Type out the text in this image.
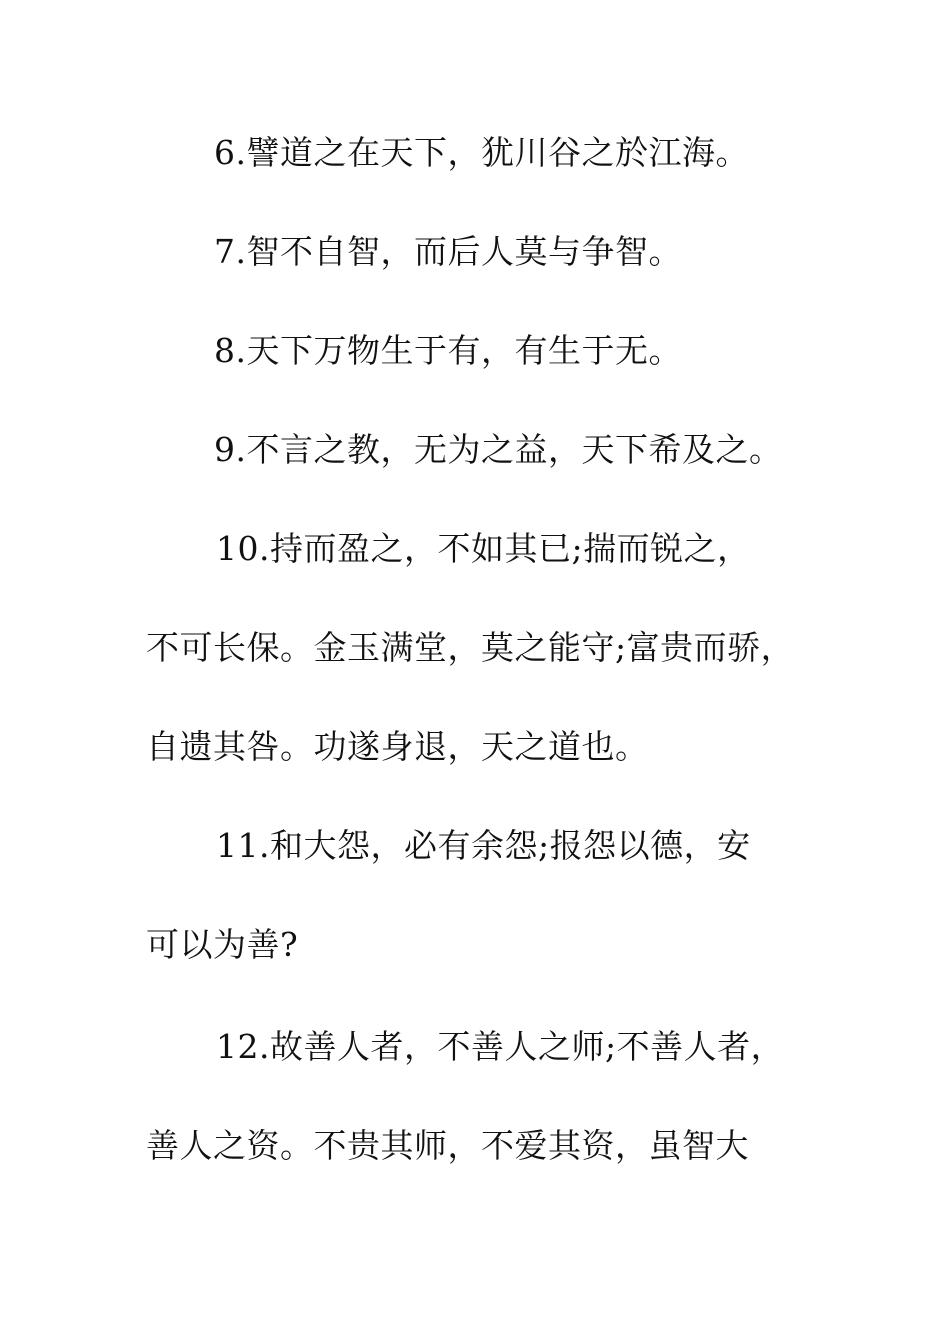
6.譬道之在天下，犹川谷之於江海。
7.智不自智，而后人莫与争智。
8.天下万物生于有，有生于无。
9.不言之教，无为之益，天下希及之。
10.持而盈之，不如其已;揣而锐之，
不可长保。金玉满堂，莫之能守;富贵而骄，
自遗其咎。功遂身退，天之道也。
11.和大怨，必有余怨;报怨以德，安
可以为善?
12.故善人者，不善人之师;不善人者，
善人之资。不贵其师，不爱其资，虽智大
